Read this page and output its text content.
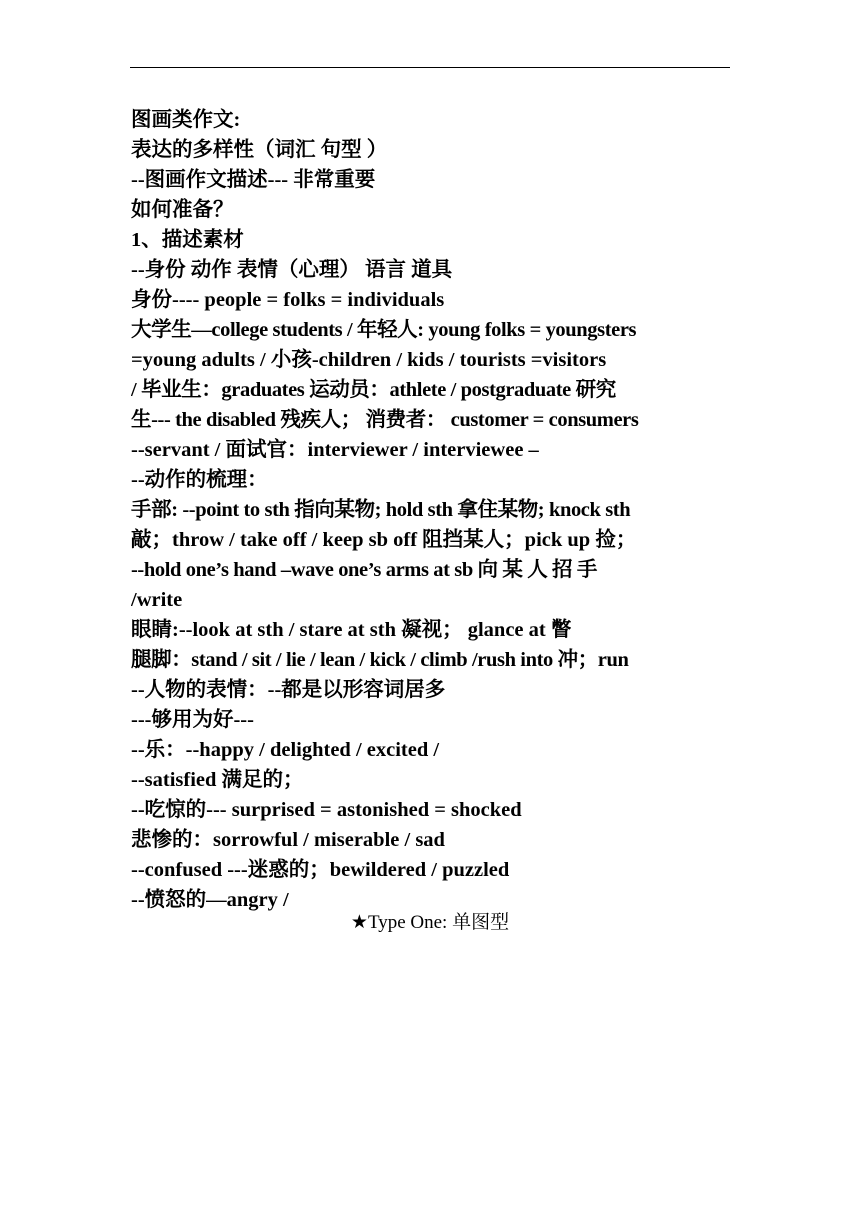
图画类作文:
表达的多样性（词汇 句型 ）
--图画作文描述--- 非常重要
如何准备？
1、描述素材
--身份 动作 表情（心理） 语言 道具
身份---- people = folks = individuals
大学生—college students / 年轻人: young folks = youngsters
=young adults / 小孩-children / kids / tourists =visitors
/ 毕业生：graduates 运动员：athlete / postgraduate 研究
生--- the disabled 残疾人； 消费者： customer = consumers
--servant / 面试官：interviewer / interviewee –
--动作的梳理：
手部: --point to sth 指向某物; hold sth 拿住某物; knock sth
敲；throw / take off / keep sb off 阻挡某人；pick up 捡；
--hold one’s hand –wave one’s arms at sb 向 某 人 招 手
/write
眼睛:--look at sth / stare at sth 凝视； glance at 瞥
腿脚：stand / sit / lie / lean / kick / climb /rush into 冲；run
--人物的表情：--都是以形容词居多
---够用为好---
--乐：--happy / delighted / excited /
--satisfied 满足的；
--吃惊的--- surprised = astonished = shocked
悲惨的：sorrowful / miserable / sad
--confused ---迷惑的；bewildered / puzzled
--愤怒的—angry /
★Type One: 单图型
